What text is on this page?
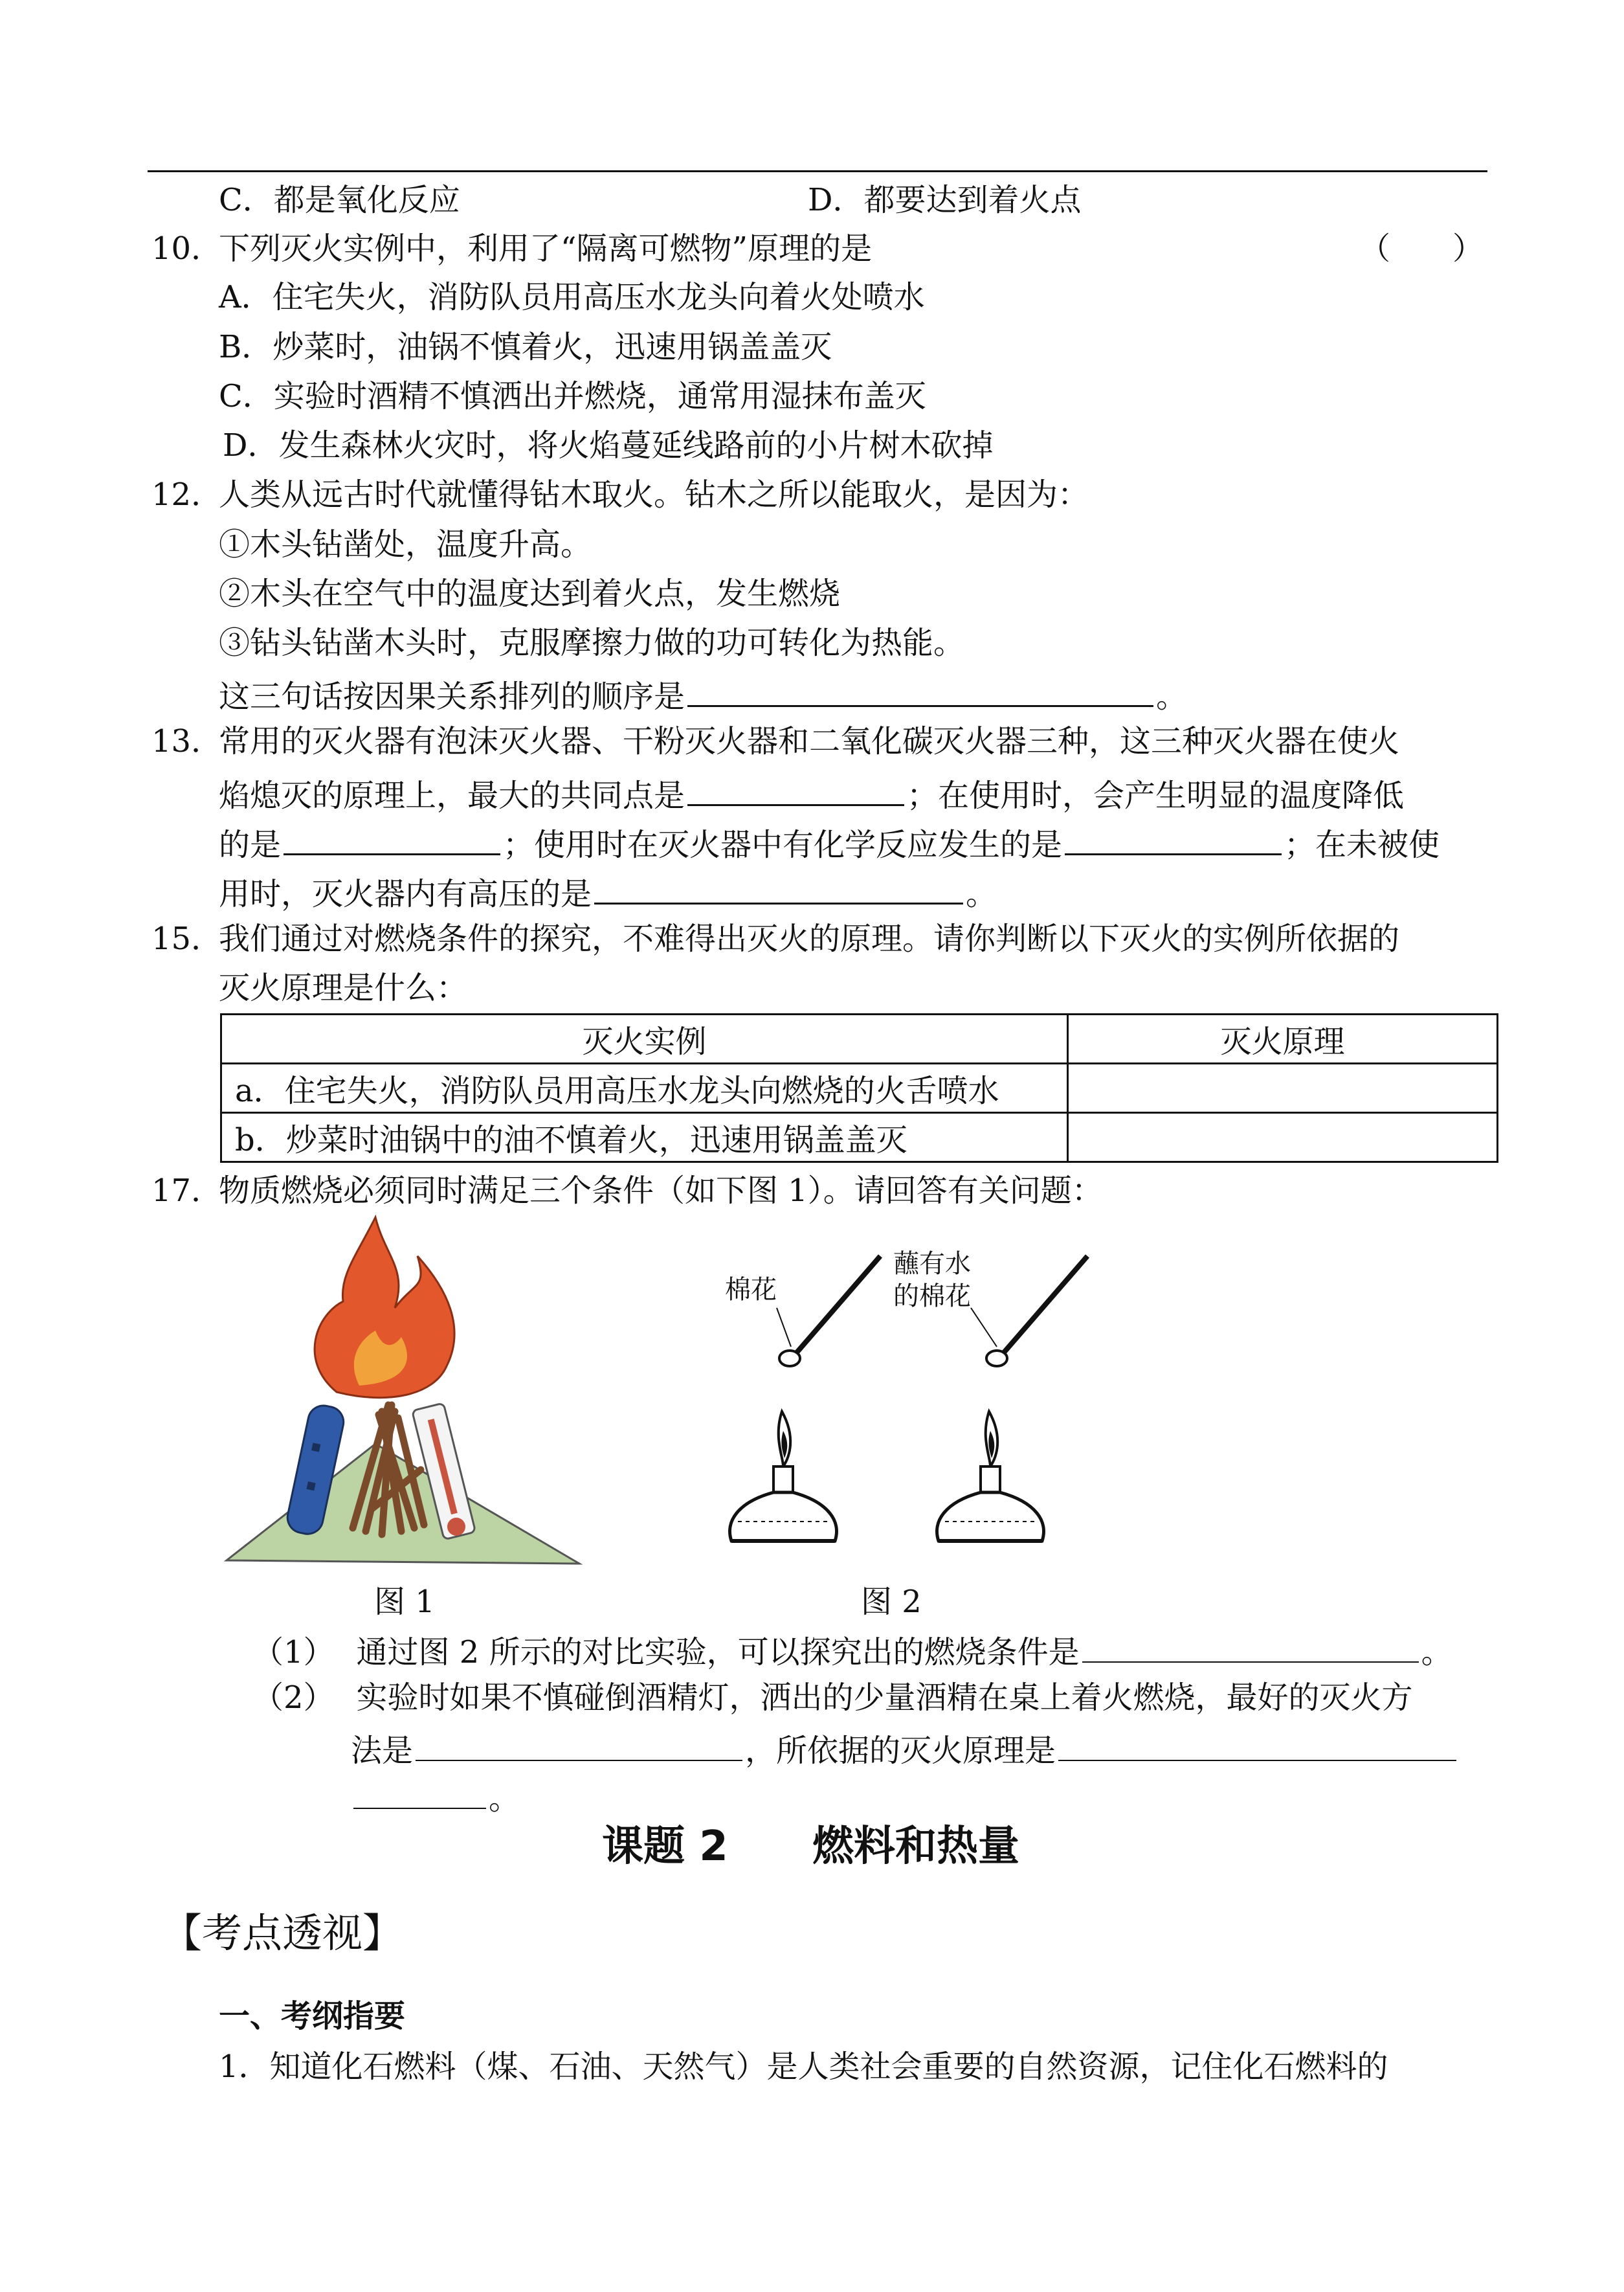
C．都是氧化反应	D．都要达到着火点
10．
下列灭火实例中，利用了“隔离可燃物”原理的是	（　　）
A．住宅失火，消防队员用高压水龙头向着火处喷水
B．炒菜时，油锅不慎着火，迅速用锅盖盖灭
C．实验时酒精不慎洒出并燃烧，通常用湿抹布盖灭
D．发生森林火灾时，将火焰蔓延线路前的小片树木砍掉
12．
人类从远古时代就懂得钻木取火。钻木之所以能取火，是因为：
①木头钻凿处，温度升高。
②木头在空气中的温度达到着火点，发生燃烧
③钻头钻凿木头时，克服摩擦力做的功可转化为热能。
这三句话按因果关系排列的顺序是	。
13．
常用的灭火器有泡沫灭火器、干粉灭火器和二氧化碳灭火器三种，这三种灭火器在使火
焰熄灭的原理上，最大的共同点是	；在使用时，会产生明显的温度降低
的是	；使用时在灭火器中有化学反应发生的是	；在未被使
用时，灭火器内有高压的是	。
15．
我们通过对燃烧条件的探究，不难得出灭火的原理。请你判断以下灭火的实例所依据的
灭火原理是什么：
灭火实例	灭火原理
a．住宅失火，消防队员用高压水龙头向燃烧的火舌喷水	
b．炒菜时油锅中的油不慎着火，迅速用锅盖盖灭	
17．
物质燃烧必须同时满足三个条件（如下图 1）。请回答有关问题：
棉花
蘸有水
的棉花
图 1	图 2
（1） 通过图 2 所示的对比实验，可以探究出的燃烧条件是	。
（2） 实验时如果不慎碰倒酒精灯，洒出的少量酒精在桌上着火燃烧，最好的灭火方
法是	，所依据的灭火原理是
。
课题 2 燃料和热量
【考点透视】
一、考纲指要
1．知道化石燃料（煤、石油、天然气）是人类社会重要的自然资源，记住化石燃料的
